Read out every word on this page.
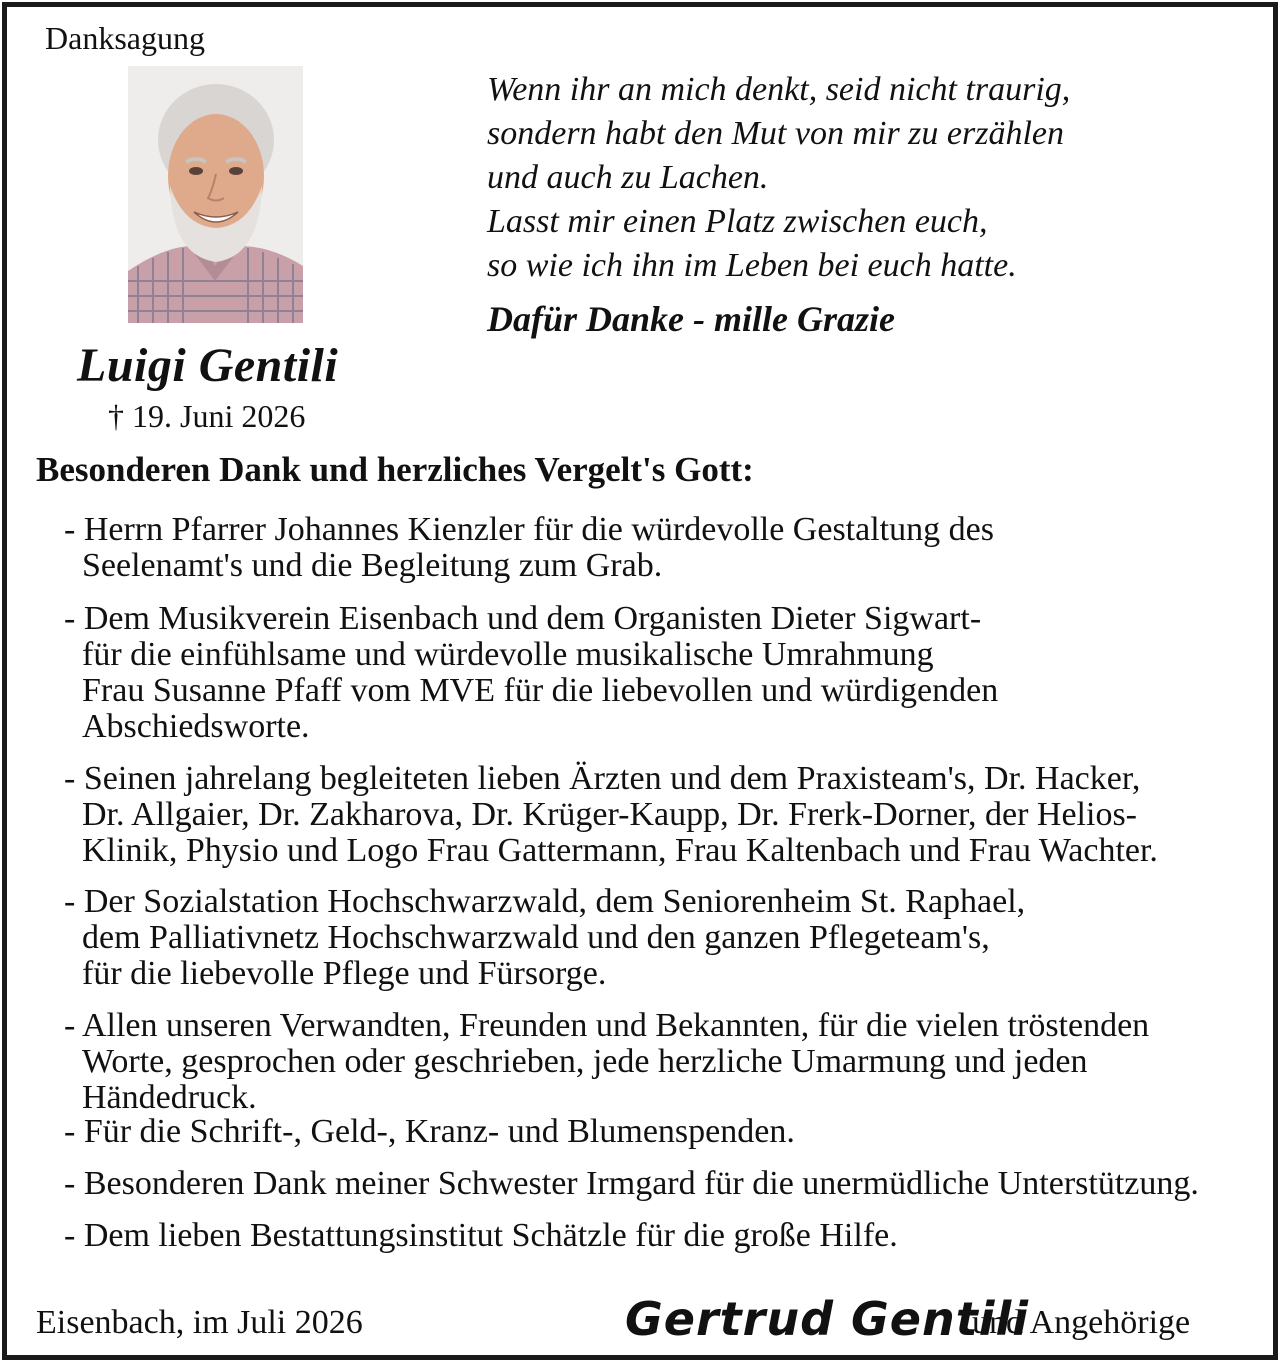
Danksagung
Luigi Gentili
† 19. Juni 2026
Wenn ihr an mich denkt, seid nicht traurig,
sondern habt den Mut von mir zu erzählen
und auch zu Lachen.
Lasst mir einen Platz zwischen euch,
so wie ich ihn im Leben bei euch hatte.
Dafür Danke - mille Grazie
Besonderen Dank und herzliches Vergelt's Gott:
- Herrn Pfarrer Johannes Kienzler für die würdevolle Gestaltung des
Seelenamt's und die Begleitung zum Grab.
- Dem Musikverein Eisenbach und dem Organisten Dieter Sigwart-
für die einfühlsame und würdevolle musikalische Umrahmung
Frau Susanne Pfaff vom MVE für die liebevollen und würdigenden
Abschiedsworte.
- Seinen jahrelang begleiteten lieben Ärzten und dem Praxisteam's, Dr. Hacker,
Dr. Allgaier, Dr. Zakharova, Dr. Krüger-Kaupp, Dr. Frerk-Dorner, der Helios-
Klinik, Physio und Logo Frau Gattermann, Frau Kaltenbach und Frau Wachter.
- Der Sozialstation Hochschwarzwald, dem Seniorenheim St. Raphael,
dem Palliativnetz Hochschwarzwald und den ganzen Pflegeteam's,
für die liebevolle Pflege und Fürsorge.
- Allen unseren Verwandten, Freunden und Bekannten, für die vielen tröstenden
Worte, gesprochen oder geschrieben, jede herzliche Umarmung und jeden
Händedruck.
- Für die Schrift-, Geld-, Kranz- und Blumenspenden.
- Besonderen Dank meiner Schwester Irmgard für die unermüdliche Unterstützung.
- Dem lieben Bestattungsinstitut Schätzle für die große Hilfe.
Eisenbach, im Juli 2026	Gertrud Gentili
und Angehörige
